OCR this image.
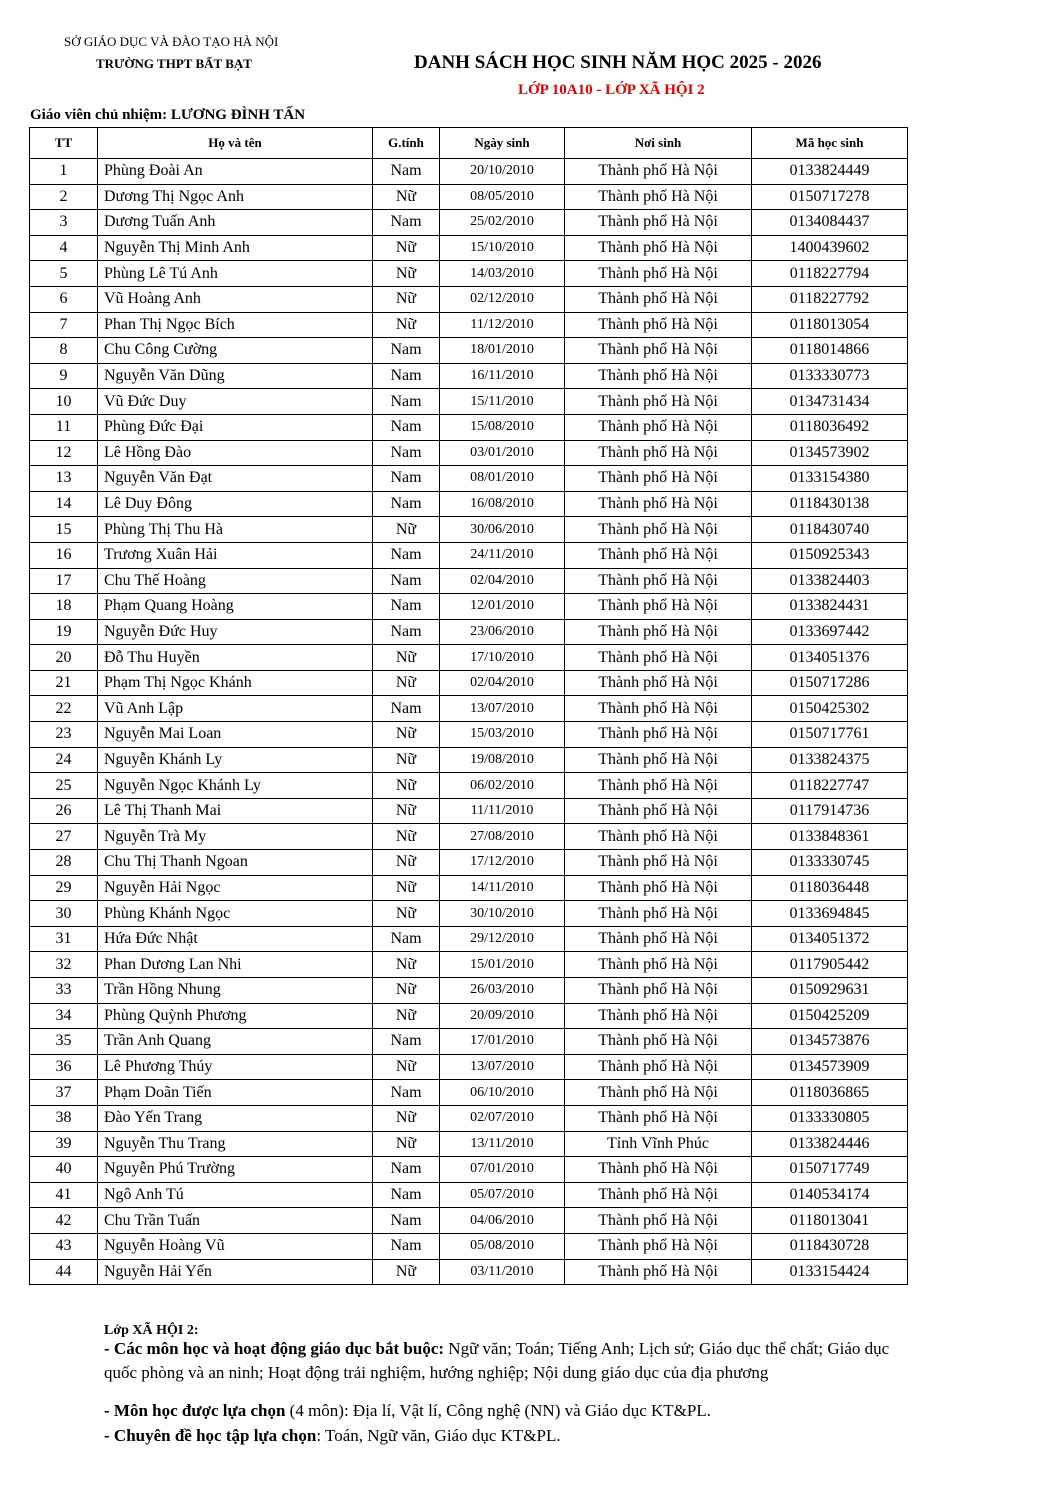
SỞ GIÁO DỤC VÀ ĐÀO TẠO HÀ NỘI
TRƯỜNG THPT BẤT BẠT	DANH SÁCH HỌC SINH NĂM HỌC 2025 - 2026
LỚP 10A10 - LỚP XÃ HỘI 2
Giáo viên chủ nhiệm: LƯƠNG ĐÌNH TẤN
TT	Họ và tên	G.tính	Ngày sinh	Nơi sinh	Mã học sinh
1	Phùng Đoài An	Nam	20/10/2010	Thành phố Hà Nội	0133824449
2	Dương Thị Ngọc Anh	Nữ	08/05/2010	Thành phố Hà Nội	0150717278
3	Dương Tuấn Anh	Nam	25/02/2010	Thành phố Hà Nội	0134084437
4	Nguyễn Thị Minh Anh	Nữ	15/10/2010	Thành phố Hà Nội	1400439602
5	Phùng Lê Tú Anh	Nữ	14/03/2010	Thành phố Hà Nội	0118227794
6	Vũ Hoàng Anh	Nữ	02/12/2010	Thành phố Hà Nội	0118227792
7	Phan Thị Ngọc Bích	Nữ	11/12/2010	Thành phố Hà Nội	0118013054
8	Chu Công Cường	Nam	18/01/2010	Thành phố Hà Nội	0118014866
9	Nguyễn Văn Dũng	Nam	16/11/2010	Thành phố Hà Nội	0133330773
10	Vũ Đức Duy	Nam	15/11/2010	Thành phố Hà Nội	0134731434
11	Phùng Đức Đại	Nam	15/08/2010	Thành phố Hà Nội	0118036492
12	Lê Hồng Đào	Nam	03/01/2010	Thành phố Hà Nội	0134573902
13	Nguyễn Văn Đạt	Nam	08/01/2010	Thành phố Hà Nội	0133154380
14	Lê Duy Đông	Nam	16/08/2010	Thành phố Hà Nội	0118430138
15	Phùng Thị Thu Hà	Nữ	30/06/2010	Thành phố Hà Nội	0118430740
16	Trương Xuân Hải	Nam	24/11/2010	Thành phố Hà Nội	0150925343
17	Chu Thế Hoàng	Nam	02/04/2010	Thành phố Hà Nội	0133824403
18	Phạm Quang Hoàng	Nam	12/01/2010	Thành phố Hà Nội	0133824431
19	Nguyễn Đức Huy	Nam	23/06/2010	Thành phố Hà Nội	0133697442
20	Đỗ Thu Huyền	Nữ	17/10/2010	Thành phố Hà Nội	0134051376
21	Phạm Thị Ngọc Khánh	Nữ	02/04/2010	Thành phố Hà Nội	0150717286
22	Vũ Anh Lập	Nam	13/07/2010	Thành phố Hà Nội	0150425302
23	Nguyễn Mai Loan	Nữ	15/03/2010	Thành phố Hà Nội	0150717761
24	Nguyễn Khánh Ly	Nữ	19/08/2010	Thành phố Hà Nội	0133824375
25	Nguyễn Ngọc Khánh Ly	Nữ	06/02/2010	Thành phố Hà Nội	0118227747
26	Lê Thị Thanh Mai	Nữ	11/11/2010	Thành phố Hà Nội	0117914736
27	Nguyễn Trà My	Nữ	27/08/2010	Thành phố Hà Nội	0133848361
28	Chu Thị Thanh Ngoan	Nữ	17/12/2010	Thành phố Hà Nội	0133330745
29	Nguyễn Hải Ngọc	Nữ	14/11/2010	Thành phố Hà Nội	0118036448
30	Phùng Khánh Ngọc	Nữ	30/10/2010	Thành phố Hà Nội	0133694845
31	Hứa Đức Nhật	Nam	29/12/2010	Thành phố Hà Nội	0134051372
32	Phan Dương Lan Nhi	Nữ	15/01/2010	Thành phố Hà Nội	0117905442
33	Trần Hồng Nhung	Nữ	26/03/2010	Thành phố Hà Nội	0150929631
34	Phùng Quỳnh Phương	Nữ	20/09/2010	Thành phố Hà Nội	0150425209
35	Trần Anh Quang	Nam	17/01/2010	Thành phố Hà Nội	0134573876
36	Lê Phương Thúy	Nữ	13/07/2010	Thành phố Hà Nội	0134573909
37	Phạm Doãn Tiến	Nam	06/10/2010	Thành phố Hà Nội	0118036865
38	Đào Yến Trang	Nữ	02/07/2010	Thành phố Hà Nội	0133330805
39	Nguyễn Thu Trang	Nữ	13/11/2010	Tỉnh Vĩnh Phúc	0133824446
40	Nguyễn Phú Trường	Nam	07/01/2010	Thành phố Hà Nội	0150717749
41	Ngô Anh Tú	Nam	05/07/2010	Thành phố Hà Nội	0140534174
42	Chu Trần Tuấn	Nam	04/06/2010	Thành phố Hà Nội	0118013041
43	Nguyễn Hoàng Vũ	Nam	05/08/2010	Thành phố Hà Nội	0118430728
44	Nguyễn Hải Yến	Nữ	03/11/2010	Thành phố Hà Nội	0133154424
Lớp XÃ HỘI 2:
- Các môn học và hoạt động giáo dục bắt buộc: Ngữ văn; Toán; Tiếng Anh; Lịch sử; Giáo dục thể chất; Giáo dục quốc phòng và an ninh; Hoạt động trải nghiệm, hướng nghiệp; Nội dung giáo dục của địa phương
- Môn học được lựa chọn (4 môn): Địa lí, Vật lí, Công nghệ (NN) và Giáo dục KT&PL.
- Chuyên đề học tập lựa chọn: Toán, Ngữ văn, Giáo dục KT&PL.
